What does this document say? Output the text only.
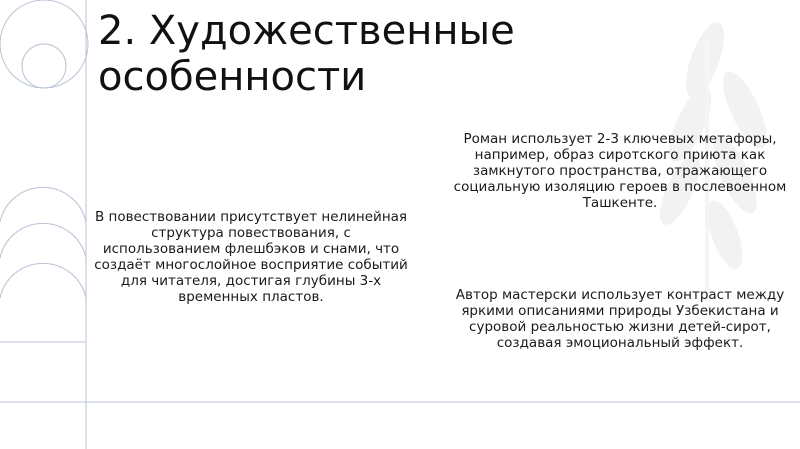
2. Художественные
особенности

В повествовании присутствует нелинейная структура повествования, с использованием флешбэков и снами, что создаёт многослойное восприятие событий для читателя, достигая глубины 3-х временных пластов.

Роман использует 2-3 ключевых метафоры, например, образ сиротского приюта как замкнутого пространства, отражающего социальную изоляцию героев в послевоенном Ташкенте.

Автор мастерски использует контраст между яркими описаниями природы Узбекистана и суровой реальностью жизни детей-сирот, создавая эмоциональный эффект.
